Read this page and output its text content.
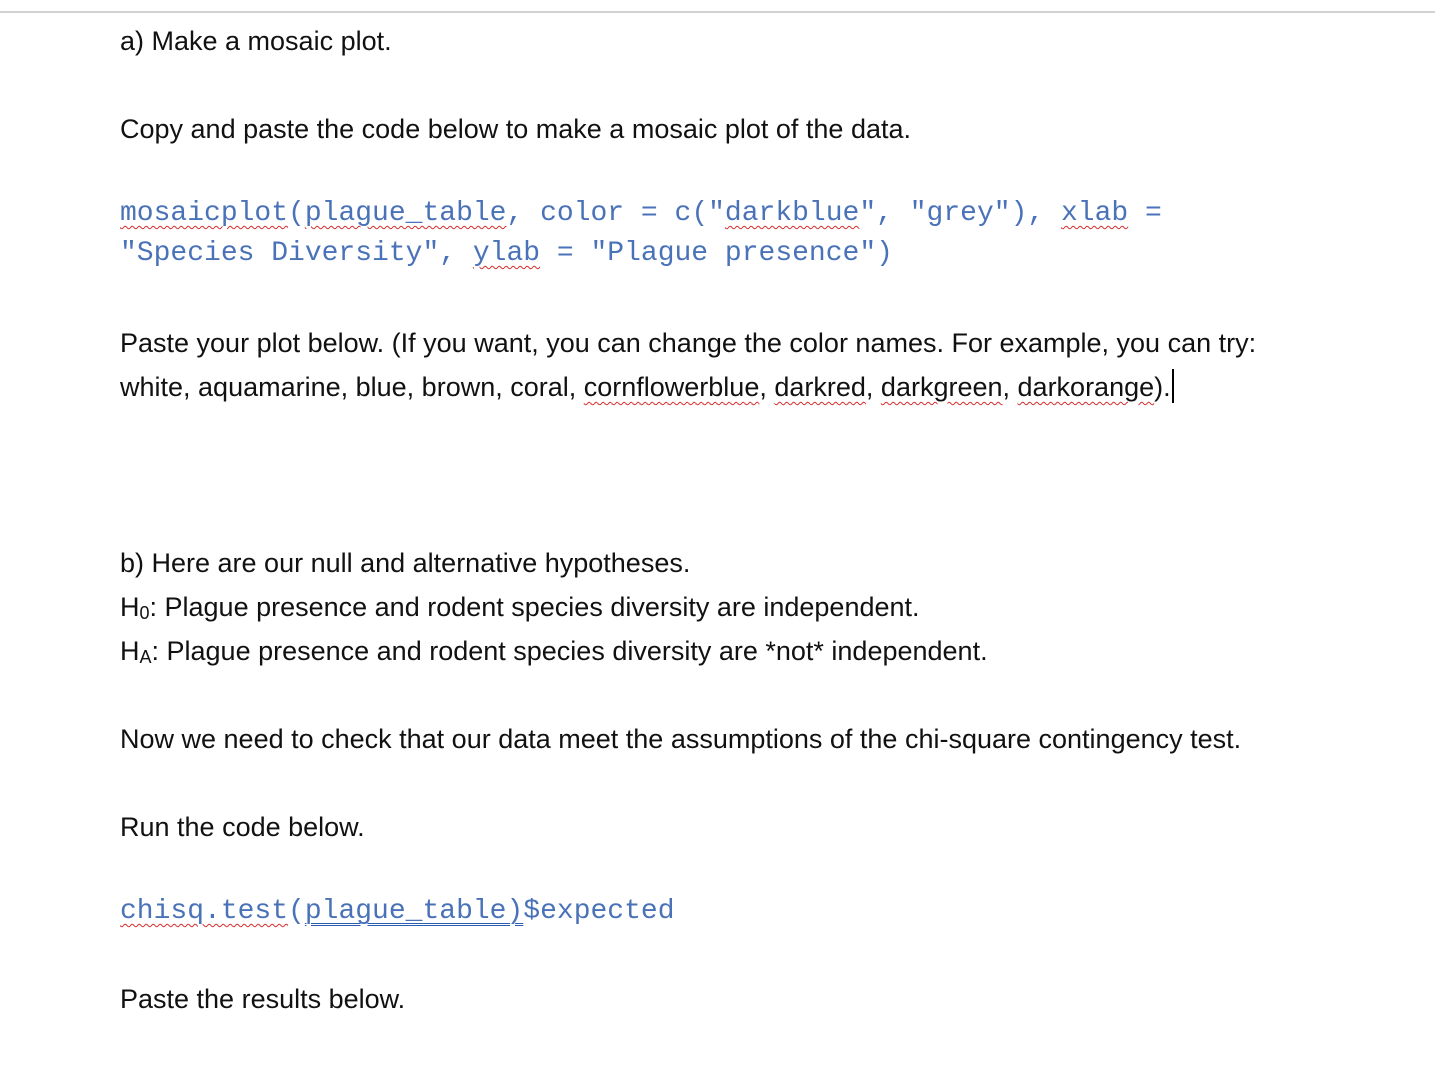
a) Make a mosaic plot.
Copy and paste the code below to make a mosaic plot of the data.
mosaicplot(plague_table, color = c("darkblue", "grey"), xlab =
"Species Diversity", ylab = "Plague presence")
Paste your plot below. (If you want, you can change the color names. For example, you can try:
white, aquamarine, blue, brown, coral, cornflowerblue, darkred, darkgreen, darkorange).
b) Here are our null and alternative hypotheses.
$H_0$: Plague presence and rodent species diversity are independent.
$H_A$: Plague presence and rodent species diversity are *not* independent.
Now we need to check that our data meet the assumptions of the chi-square contingency test.
Run the code below.
chisq.test(plague_table)$expected
Paste the results below.
